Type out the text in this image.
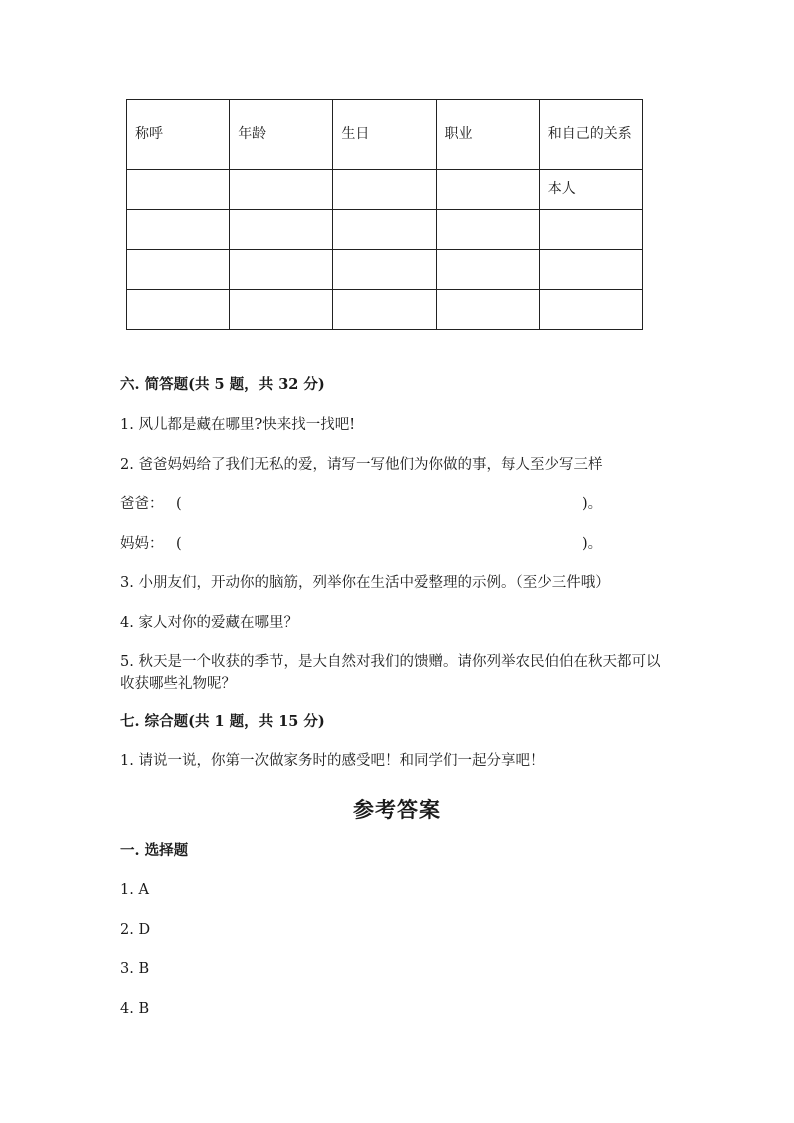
称呼	年龄	生日	职业	和自己的关系
				本人

六. 简答题(共 5 题，共 32 分)
1. 风儿都是藏在哪里?快来找一找吧!
2. 爸爸妈妈给了我们无私的爱，请写一写他们为你做的事，每人至少写三样
爸爸： (	)。
妈妈： (	)。
3. 小朋友们，开动你的脑筋，列举你在生活中爱整理的示例。（至少三件哦）
4. 家人对你的爱藏在哪里？
5. 秋天是一个收获的季节，是大自然对我们的馈赠。请你列举农民伯伯在秋天都可以收获哪些礼物呢？
七. 综合题(共 1 题，共 15 分)
1. 请说一说，你第一次做家务时的感受吧！和同学们一起分享吧！
参考答案
一. 选择题
1. A
2. D
3. B
4. B
